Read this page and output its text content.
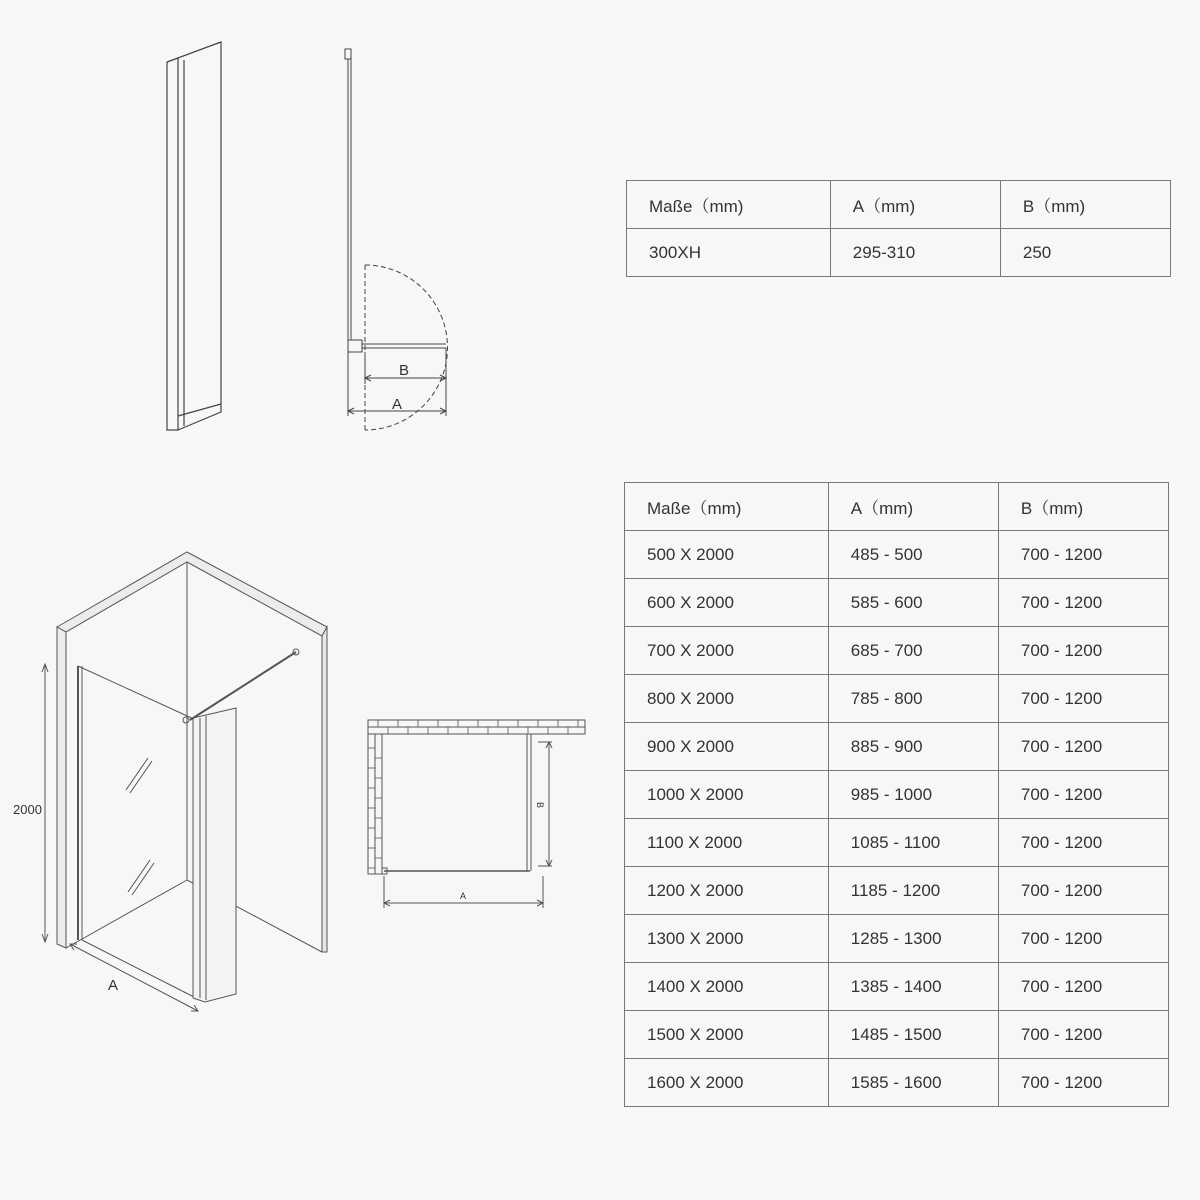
B
A
2000
A
A
B
Maße（mm)	A（mm)	B（mm)
300XH	295-310	250
Maße（mm)	A（mm)	B（mm)
500 X 2000	485 - 500	700 - 1200
600 X 2000	585 - 600	700 - 1200
700 X 2000	685 - 700	700 - 1200
800 X 2000	785 - 800	700 - 1200
900 X 2000	885 - 900	700 - 1200
1000 X 2000	985 - 1000	700 - 1200
1100 X 2000	1085 - 1100	700 - 1200
1200 X 2000	1185 - 1200	700 - 1200
1300 X 2000	1285 - 1300	700 - 1200
1400 X 2000	1385 - 1400	700 - 1200
1500 X 2000	1485 - 1500	700 - 1200
1600 X 2000	1585 - 1600	700 - 1200
